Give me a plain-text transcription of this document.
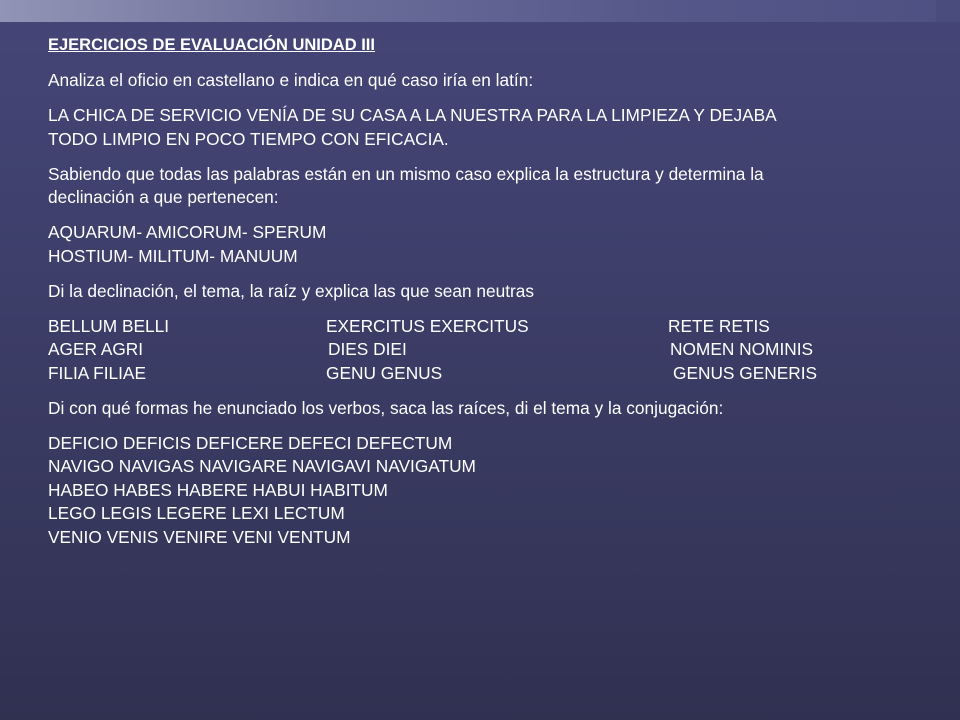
EJERCICIOS DE EVALUACIÓN UNIDAD III
Analiza el oficio en castellano e indica en qué caso iría en latín:
LA CHICA DE SERVICIO VENÍA DE SU CASA A LA NUESTRA PARA LA LIMPIEZA Y DEJABA
TODO LIMPIO EN POCO TIEMPO CON EFICACIA.
Sabiendo que todas las palabras están en un mismo caso explica la estructura y determina la
declinación a que pertenecen:
AQUARUM- AMICORUM- SPERUM
HOSTIUM- MILITUM- MANUUM
Di la declinación, el tema, la raíz y explica las que sean neutras
BELLUM BELLI	EXERCITUS EXERCITUS	RETE RETIS
AGER AGRI	DIES DIEI	NOMEN NOMINIS
FILIA FILIAE	GENU GENUS	GENUS GENERIS
Di con qué formas he enunciado los verbos, saca las raíces, di el tema y la conjugación:
DEFICIO DEFICIS DEFICERE DEFECI DEFECTUM
NAVIGO NAVIGAS NAVIGARE NAVIGAVI NAVIGATUM
HABEO HABES HABERE HABUI HABITUM
LEGO LEGIS LEGERE LEXI LECTUM
VENIO VENIS VENIRE VENI VENTUM
